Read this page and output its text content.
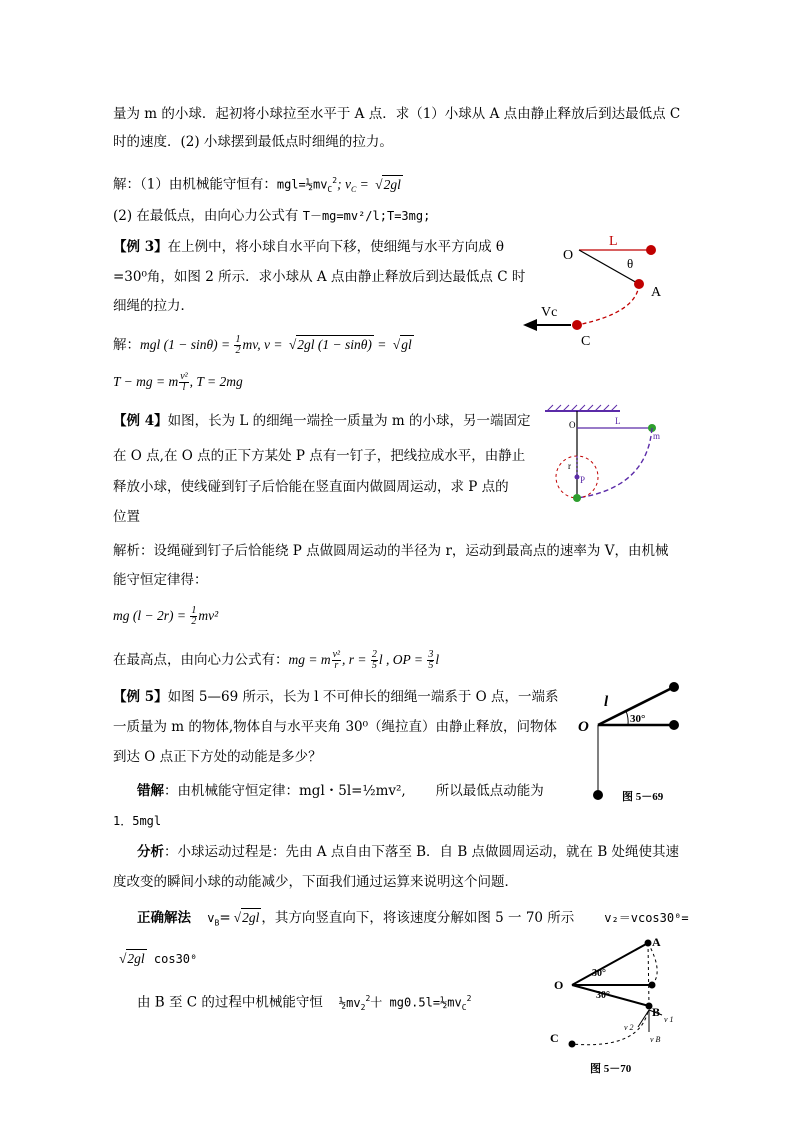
量为 m 的小球．起初将小球拉至水平于 A 点．求（1）小球从 A 点由静止释放后到达最低点 C
时的速度．(2) 小球摆到最低点时细绳的拉力。
解：（1）由机械能守恒有：$mgl=\frac{1}{2}mv_C^2$; $v_C$ = √ 2gl
(2) 在最低点，由向心力公式有 T－mg=mv²/l;T=3mg;
【例 3】在上例中，将小球自水平向下移，使细绳与水平方向成 θ
=30⁰角，如图 2 所示．求小球从 A 点由静止释放后到达最低点 C 时
细绳的拉力．
解：mgl $(1 - \sin\theta) = \frac{1}{2}$ mv, v = √ 2gl (1 − sinθ) = √ gl
T − mg = m $\frac{\text{v²}}{l}$ , T = 2mg
O
L
θ
A
Vc
C
【例 4】如图，长为 L 的细绳一端拴一质量为 m 的小球，另一端固定
在 O 点,在 O 点的正下方某处 P 点有一钉子，把线拉成水平，由静止
释放小球，使线碰到钉子后恰能在竖直面内做圆周运动，求 P 点的
位置
解析：设绳碰到钉子后恰能绕 P 点做圆周运动的半径为 r，运动到最高点的速率为 V，由机械
能守恒定律得：
mg $(l - 2r) = \frac{1}{2} mv^2$
在最高点，由向心力公式有：mg = m $\frac{\text{v²}}{r}$ , $r = \frac{2}{5}$ l , OP = $\frac{3}{5}$ l
O	L
m
r
P
【例 5】如图 5—69 所示，长为 l 不可伸长的细绳一端系于 O 点，一端系
一质量为 m 的物体,物体自与水平夹角 30⁰（绳拉直）由静止释放，问物体
到达 O 点正下方处的动能是多少？
错解：由机械能守恒定律：mgl・5l=½mv², 所以最低点动能为
1．5mgl
分析：小球运动过程是：先由 A 点自由下落至 B．自 B 点做圆周运动，就在 B 处绳使其速
度改变的瞬间小球的动能减少，下面我们通过运算来说明这个问题．
正确解法 $v_B=√$ 2gl ，其方向竖直向下，将该速度分解如图 5 一 70 所示	v₂＝vcos30⁰=
√ 2gl cos30⁰
由 B 至 C 的过程中机械能守恒 $\frac{1}{2}mv_2^2$十 $mg0.5l=\frac{1}{2}mv_C^2$
l
O	30°
图 5－69
A
O
30°
30°
B
C
v 2
v 1
v B
图 5－70
